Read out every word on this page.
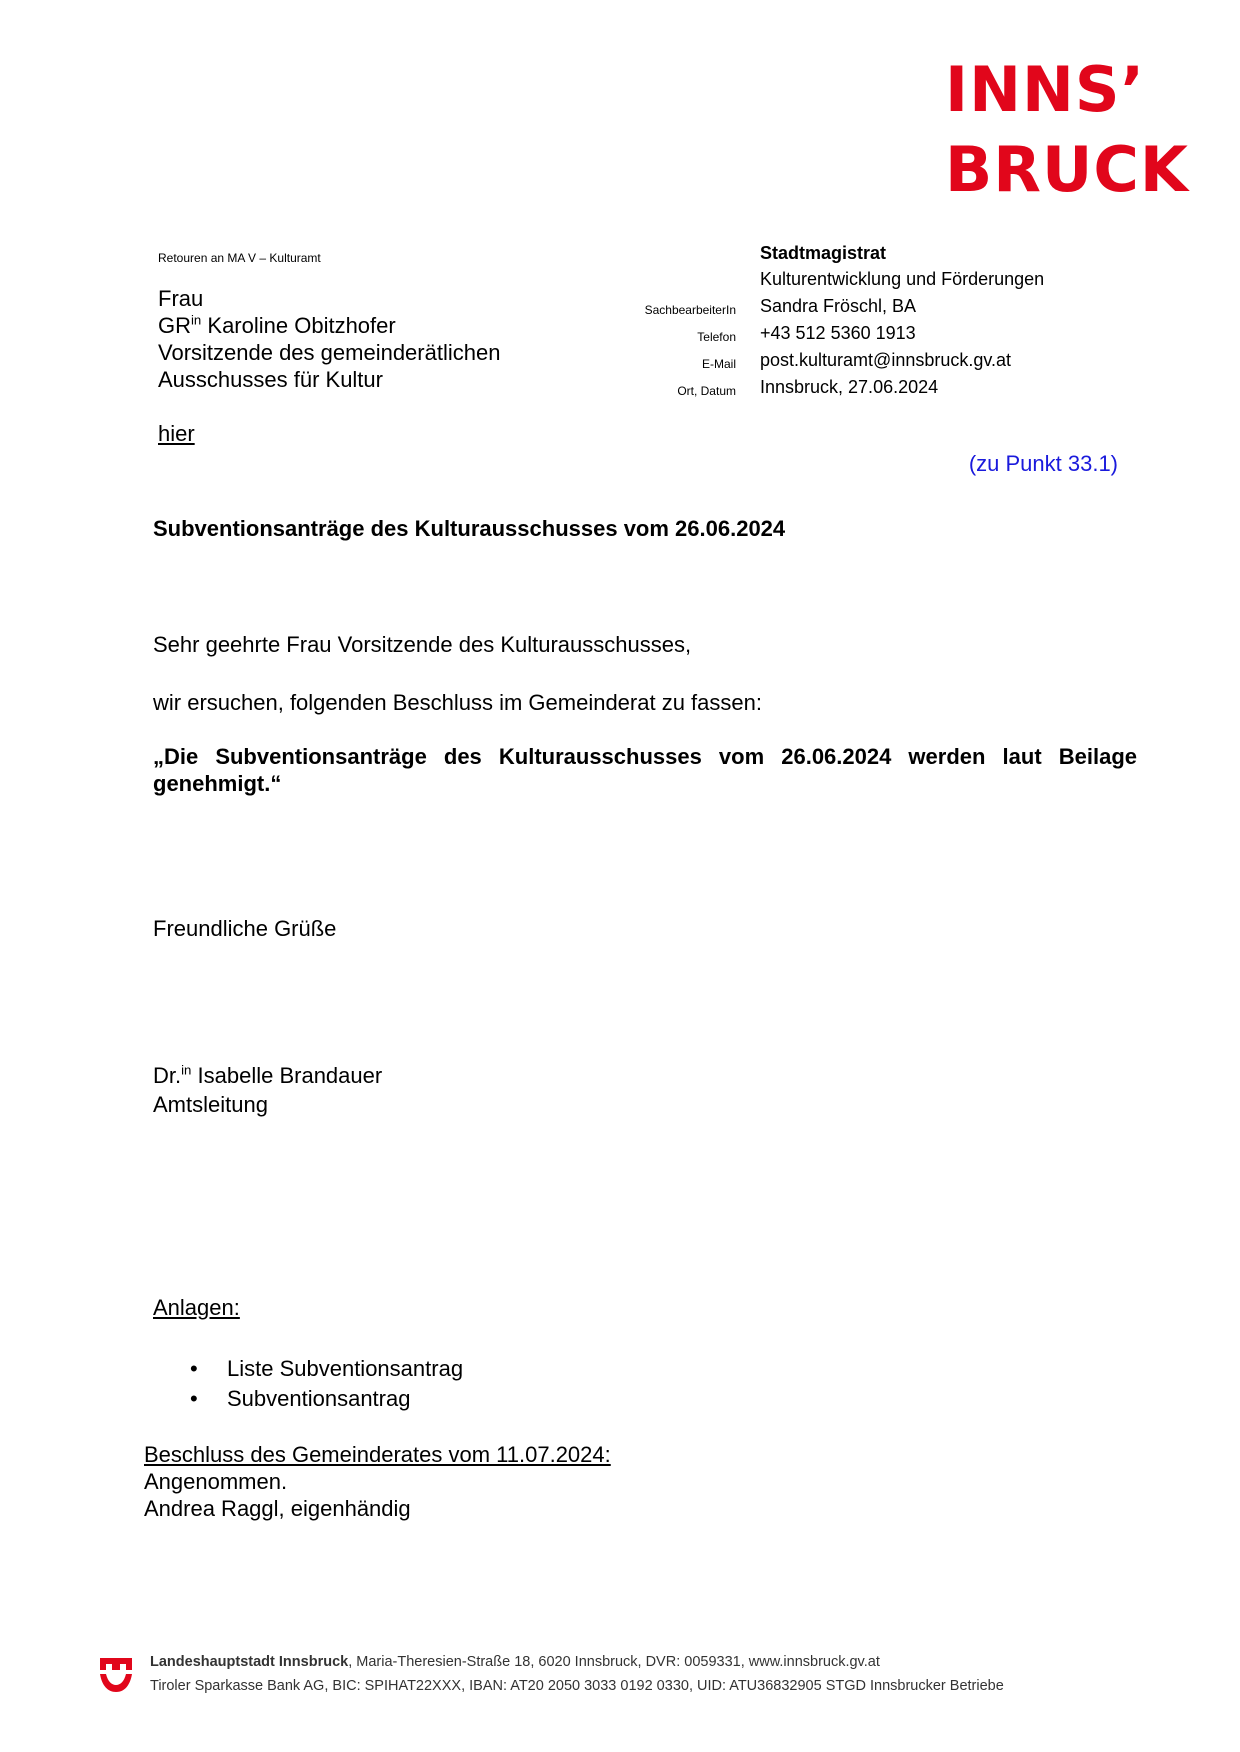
INNS’
BRUCK
Retouren an MA V – Kulturamt
Frau
$GR^{in}$ Karoline Obitzhofer
Vorsitzende des gemeinderätlichen
Ausschusses für Kultur
hier
Stadtmagistrat
Kulturentwicklung und Förderungen
SachbearbeiterIn Sandra Fröschl, BA
Telefon +43 512 5360 1913
E-Mail post.kulturamt@innsbruck.gv.at
Ort, Datum Innsbruck, 27.06.2024
(zu Punkt 33.1)
Subventionsanträge des Kulturausschusses vom 26.06.2024
Sehr geehrte Frau Vorsitzende des Kulturausschusses,
wir ersuchen, folgenden Beschluss im Gemeinderat zu fassen:
„Die Subventionsanträge des Kulturausschusses vom 26.06.2024 werden laut Beilage genehmigt.“
Freundliche Grüße
Dr.$^{in}$ Isabelle Brandauer
Amtsleitung
Anlagen:
• Liste Subventionsantrag
• Subventionsantrag
Beschluss des Gemeinderates vom 11.07.2024:
Angenommen.
Andrea Raggl, eigenhändig
Landeshauptstadt Innsbruck, Maria-Theresien-Straße 18, 6020 Innsbruck, DVR: 0059331, www.innsbruck.gv.at
Tiroler Sparkasse Bank AG, BIC: SPIHAT22XXX, IBAN: AT20 2050 3033 0192 0330, UID: ATU36832905 STGD Innsbrucker Betriebe
